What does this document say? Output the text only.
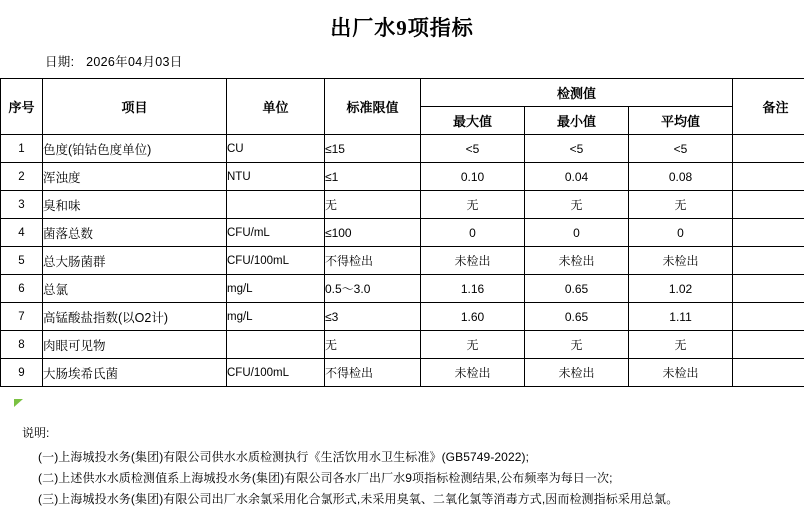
出厂水9项指标
日期: 2026年04月03日
序号	项目	单位	标准限值	检测值			备注
				最大值	最小值	平均值	
1	色度(铂钴色度单位)	CU	≤15	<5	<5	<5	
2	浑浊度	NTU	≤1	0.10	0.04	0.08	
3	臭和味		无	无	无	无	
4	菌落总数	CFU/mL	≤100	0	0	0	
5	总大肠菌群	CFU/100mL	不得检出	未检出	未检出	未检出	
6	总氯	mg/L	0.5～3.0	1.16	0.65	1.02	
7	高锰酸盐指数(以O2计)	mg/L	≤3	1.60	0.65	1.11	
8	肉眼可见物		无	无	无	无	
9	大肠埃希氏菌	CFU/100mL	不得检出	未检出	未检出	未检出	
说明:
(一)上海城投水务(集团)有限公司供水水质检测执行《生活饮用水卫生标准》(GB5749-2022);
(二)上述供水水质检测值系上海城投水务(集团)有限公司各水厂出厂水9项指标检测结果,公布频率为每日一次;
(三)上海城投水务(集团)有限公司出厂水余氯采用化合氯形式,未采用臭氧、二氧化氯等消毒方式,因而检测指标采用总氯。
